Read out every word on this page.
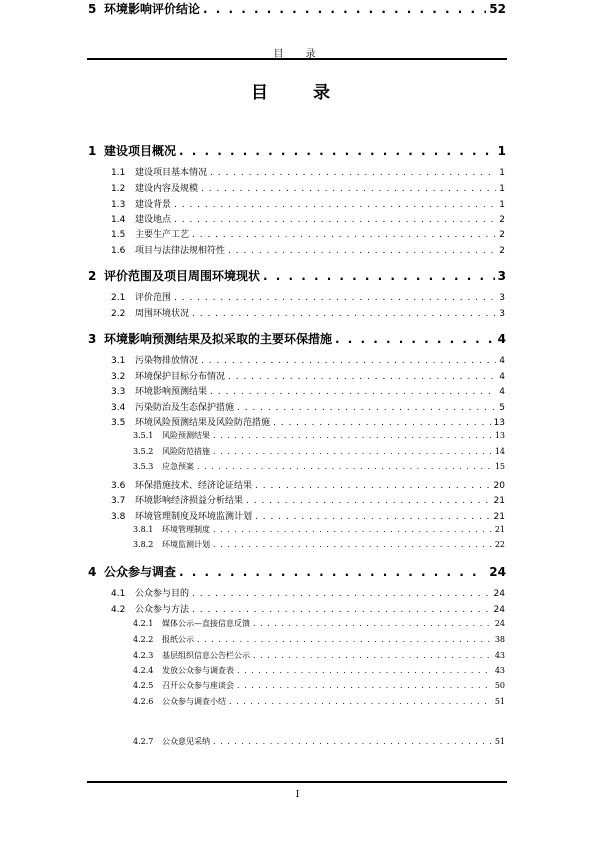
目　录
目　录
1 建设项目概况 . . .	1
1.1	建设项目基本情况 . . .	1
1.2	建设内容及规模 . . .	1
1.3	建设背景 . . .	1
1.4	建设地点 . . .	2
1.5	主要生产工艺 . . .	2
1.6	项目与法律法规相符性 . . .	2
2 评价范围及项目周围环境现状 . . .	3
2.1	评价范围 . . .	3
2.2	周围环境状况 . . .	3
3 环境影响预测结果及拟采取的主要环保措施 . . .	4
3.1	污染物排放情况 . . .	4
3.2	环境保护目标分布情况 . . .	4
3.3	环境影响预测结果 . . .	4
3.4	污染防治及生态保护措施 . . .	5
3.5	环境风险预测结果及风险防范措施 . . .	13
3.5.1	风险预测结果 . . .	13
3.5.2	风险防范措施 . . .	14
3.5.3	应急预案 . . .	15
3.6	环保措施技术、经济论证结果 . . .	20
3.7	环境影响经济损益分析结果 . . .	21
3.8	环境管理制度及环境监测计划 . . .	21
3.8.1	环境管理制度 . . .	21
3.8.2	环境监测计划 . . .	22
4 公众参与调查 . . .	24
4.1	公众参与目的 . . .	24
4.2	公众参与方法 . . .	24
4.2.1	媒体公示—直接信息反馈 . . .	24
4.2.2	报纸公示 . . .	38
4.2.3	基层组织信息公告栏公示 . . .	43
4.2.4	发放公众参与调查表 . . .	43
4.2.5	召开公众参与座谈会 . . .	50
4.2.6	公众参与调查小结 . . .	51
4.2.7	公众意见采纳 . . .	51
5 环境影响评价结论 . . .	52
I
